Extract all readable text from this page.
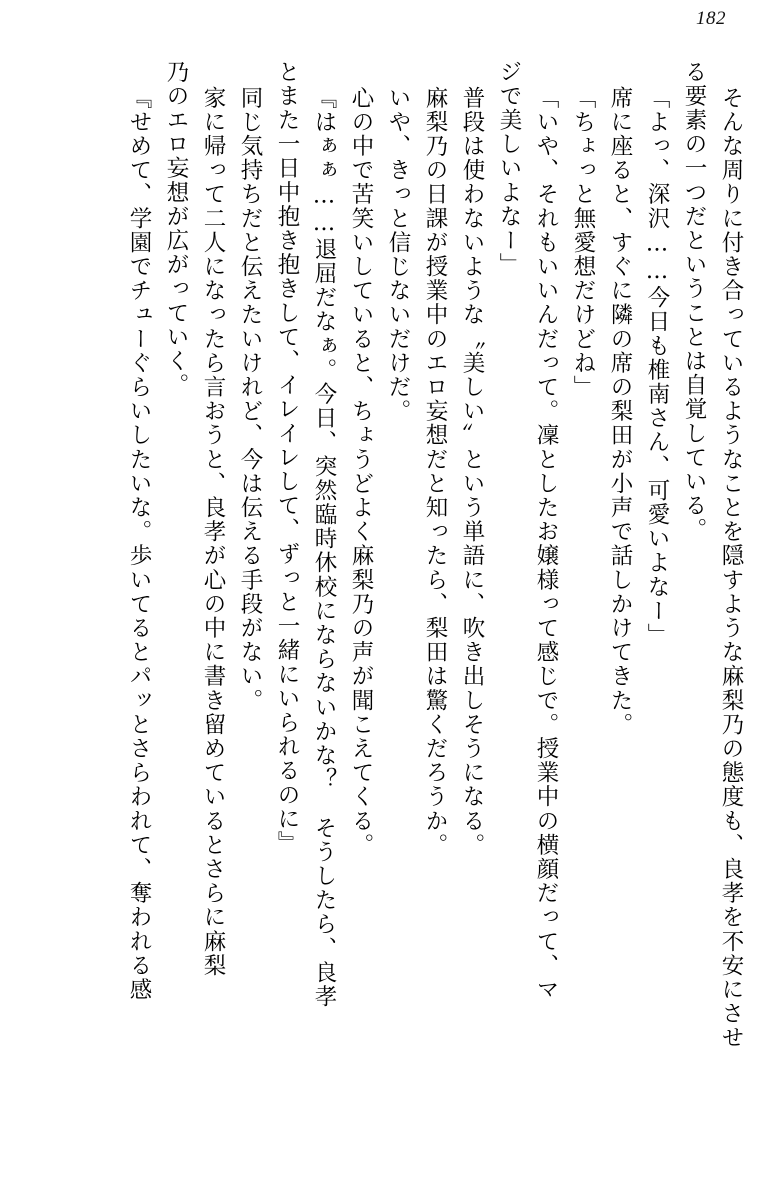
182
そんな周りに付き合っているようなことを隠すような麻梨乃の態度も、良孝を不安にさせ
る要素の一つだということは自覚している。
「よっ、深沢……今日も椎南さん、可愛いよなー」
席に座ると、すぐに隣の席の梨田が小声で話しかけてきた。
「ちょっと無愛想だけどね」
「いや、それもいいんだって。凜としたお嬢様って感じで。授業中の横顔だって、マ
ジで美しいよなー」
普段は使わないような〝美しい〟という単語に、吹き出しそうになる。
麻梨乃の日課が授業中のエロ妄想だと知ったら、梨田は驚くだろうか。
いや、きっと信じないだけだ。
心の中で苦笑いしていると、ちょうどよく麻梨乃の声が聞こえてくる。
『はぁぁ……退屈だなぁ。今日、突然臨時休校にならないかな？　そうしたら、良孝
とまた一日中抱き抱きして、イレイレして、ずっと一緒にいられるのに』
同じ気持ちだと伝えたいけれど、今は伝える手段がない。
家に帰って二人になったら言おうと、良孝が心の中に書き留めているとさらに麻梨
乃のエロ妄想が広がっていく。
『せめて、学園でチューぐらいしたいな。歩いてるとパッとさらわれて、奪われる感
